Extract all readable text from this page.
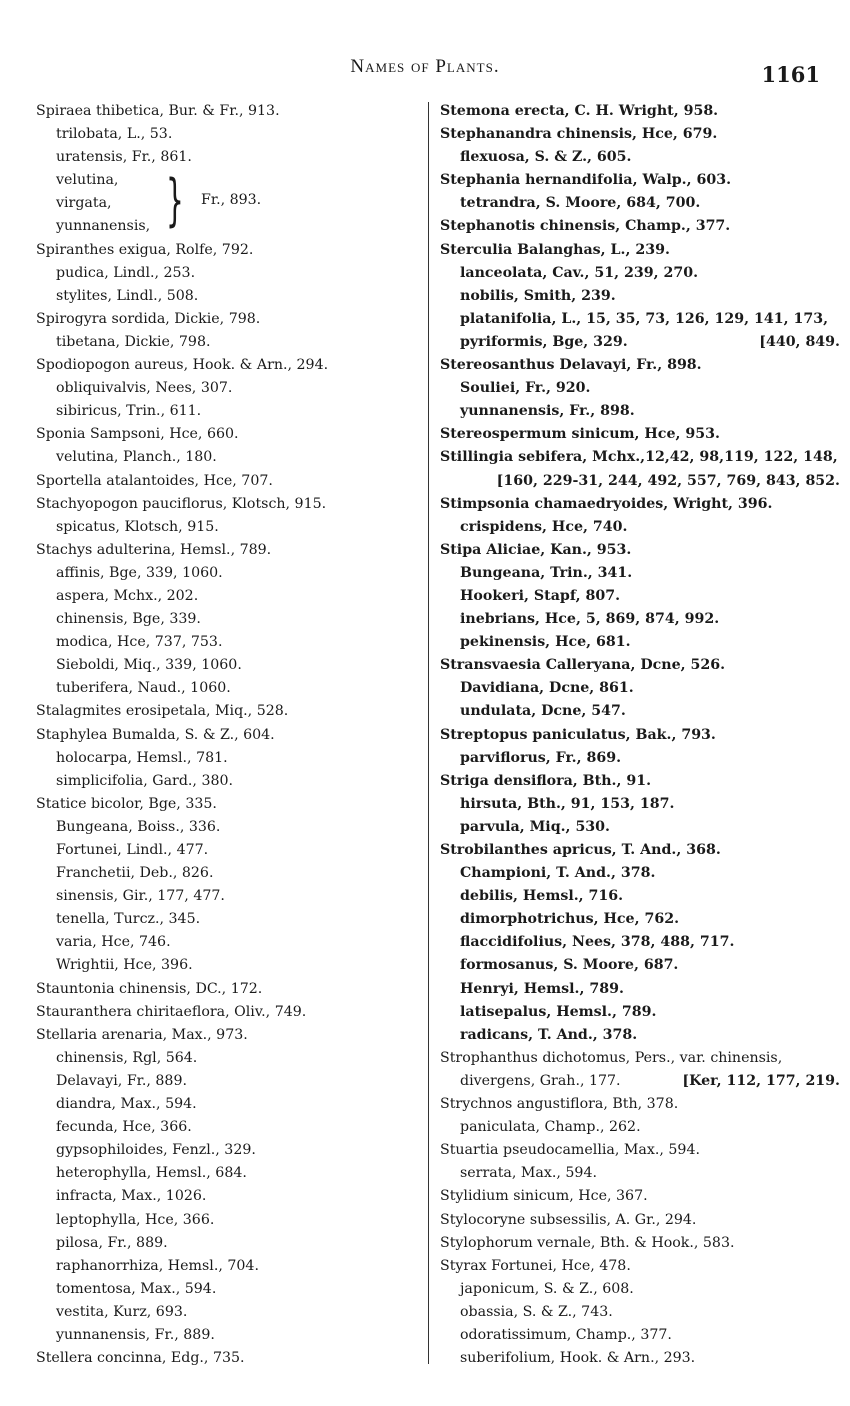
Names of Plants.	1161
Spiraea thibetica, Bur. & Fr., 913.
trilobata, L., 53.
uratensis, Fr., 861.
velutina,
virgata,
yunnanensis, } Fr., 893.
Spiranthes exigua, Rolfe, 792.
pudica, Lindl., 253.
stylites, Lindl., 508.
Spirogyra sordida, Dickie, 798.
tibetana, Dickie, 798.
Spodiopogon aureus, Hook. & Arn., 294.
obliquivalvis, Nees, 307.
sibiricus, Trin., 611.
Sponia Sampsoni, Hce, 660.
velutina, Planch., 180.
Sportella atalantoides, Hce, 707.
Stachyopogon pauciflorus, Klotsch, 915.
spicatus, Klotsch, 915.
Stachys adulterina, Hemsl., 789.
affinis, Bge, 339, 1060.
aspera, Mchx., 202.
chinensis, Bge, 339.
modica, Hce, 737, 753.
Sieboldi, Miq., 339, 1060.
tuberifera, Naud., 1060.
Stalagmites erosipetala, Miq., 528.
Staphylea Bumalda, S. & Z., 604.
holocarpa, Hemsl., 781.
simplicifolia, Gard., 380.
Statice bicolor, Bge, 335.
Bungeana, Boiss., 336.
Fortunei, Lindl., 477.
Franchetii, Deb., 826.
sinensis, Gir., 177, 477.
tenella, Turcz., 345.
varia, Hce, 746.
Wrightii, Hce, 396.
Stauntonia chinensis, DC., 172.
Stauranthera chiritaeflora, Oliv., 749.
Stellaria arenaria, Max., 973.
chinensis, Rgl, 564.
Delavayi, Fr., 889.
diandra, Max., 594.
fecunda, Hce, 366.
gypsophiloides, Fenzl., 329.
heterophylla, Hemsl., 684.
infracta, Max., 1026.
leptophylla, Hce, 366.
pilosa, Fr., 889.
raphanorrhiza, Hemsl., 704.
tomentosa, Max., 594.
vestita, Kurz, 693.
yunnanensis, Fr., 889.
Stellera concinna, Edg., 735.
Stemona erecta, C. H. Wright, 958.
Stephanandra chinensis, Hce, 679.
flexuosa, S. & Z., 605.
Stephania hernandifolia, Walp., 603.
tetrandra, S. Moore, 684, 700.
Stephanotis chinensis, Champ., 377.
Sterculia Balanghas, L., 239.
lanceolata, Cav., 51, 239, 270.
nobilis, Smith, 239.
platanifolia, L., 15, 35, 73, 126, 129, 141, 173,
pyriformis, Bge, 329.	[440, 849.
Stereosanthus Delavayi, Fr., 898.
Souliei, Fr., 920.
yunnanensis, Fr., 898.
Stereospermum sinicum, Hce, 953.
Stillingia sebifera, Mchx.,12,42, 98,119, 122, 148,
[160, 229-31, 244, 492, 557, 769, 843, 852.
Stimpsonia chamaedryoides, Wright, 396.
crispidens, Hce, 740.
Stipa Aliciae, Kan., 953.
Bungeana, Trin., 341.
Hookeri, Stapf, 807.
inebrians, Hce, 5, 869, 874, 992.
pekinensis, Hce, 681.
Stransvaesia Calleryana, Dcne, 526.
Davidiana, Dcne, 861.
undulata, Dcne, 547.
Streptopus paniculatus, Bak., 793.
parviflorus, Fr., 869.
Striga densiflora, Bth., 91.
hirsuta, Bth., 91, 153, 187.
parvula, Miq., 530.
Strobilanthes apricus, T. And., 368.
Championi, T. And., 378.
debilis, Hemsl., 716.
dimorphotrichus, Hce, 762.
flaccidifolius, Nees, 378, 488, 717.
formosanus, S. Moore, 687.
Henryi, Hemsl., 789.
latisepalus, Hemsl., 789.
radicans, T. And., 378.
Strophanthus dichotomus, Pers., var. chinensis,
divergens, Grah., 177.	[Ker, 112, 177, 219.
Strychnos angustiflora, Bth, 378.
paniculata, Champ., 262.
Stuartia pseudocamellia, Max., 594.
serrata, Max., 594.
Stylidium sinicum, Hce, 367.
Stylocoryne subsessilis, A. Gr., 294.
Stylophorum vernale, Bth. & Hook., 583.
Styrax Fortunei, Hce, 478.
japonicum, S. & Z., 608.
obassia, S. & Z., 743.
odoratissimum, Champ., 377.
suberifolium, Hook. & Arn., 293.
